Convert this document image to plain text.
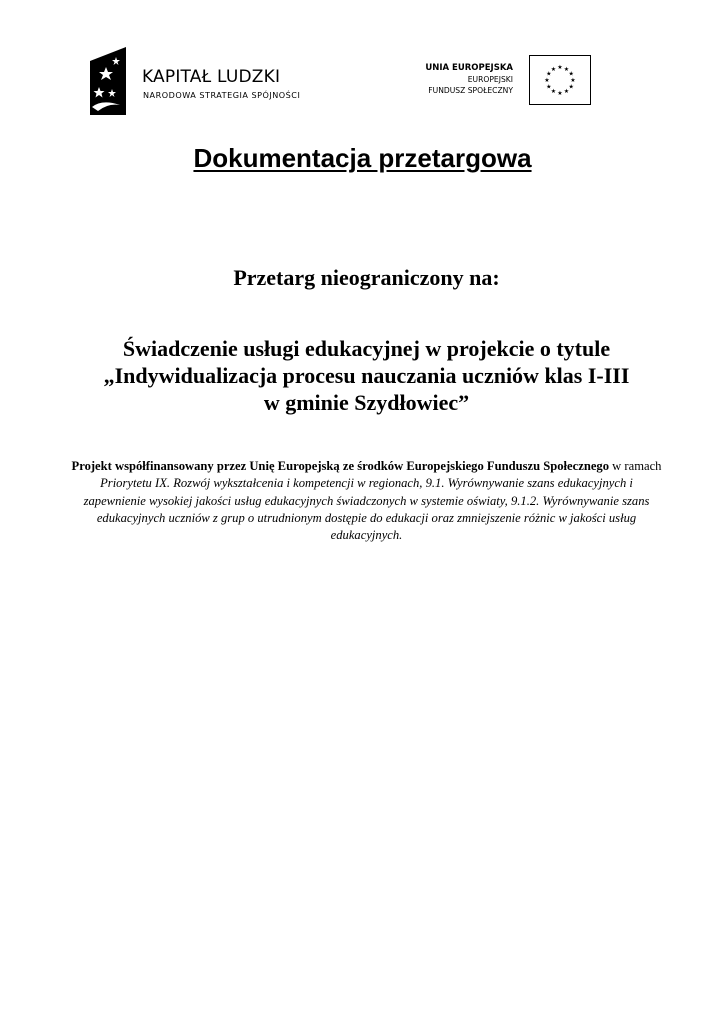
KAPITAŁ LUDZKI
NARODOWA STRATEGIA SPÓJNOŚCI
UNIA EUROPEJSKA
EUROPEJSKI
FUNDUSZ SPOŁECZNY
★ ★
★
★
★
★
★
★
★
★
★
★
Dokumentacja przetargowa
Przetarg nieograniczony na:
Świadczenie usługi edukacyjnej w projekcie o tytule
„Indywidualizacja procesu nauczania uczniów klas I-III
w gminie Szydłowiec”
Projekt współfinansowany przez Unię Europejską ze środków Europejskiego Funduszu Społecznego w ramach Priorytetu IX. Rozwój wykształcenia i kompetencji w regionach, 9.1. Wyrównywanie szans edukacyjnych i zapewnienie wysokiej jakości usług edukacyjnych świadczonych w systemie oświaty, 9.1.2. Wyrównywanie szans edukacyjnych uczniów z grup o utrudnionym dostępie do edukacji oraz zmniejszenie różnic w jakości usług edukacyjnych.
